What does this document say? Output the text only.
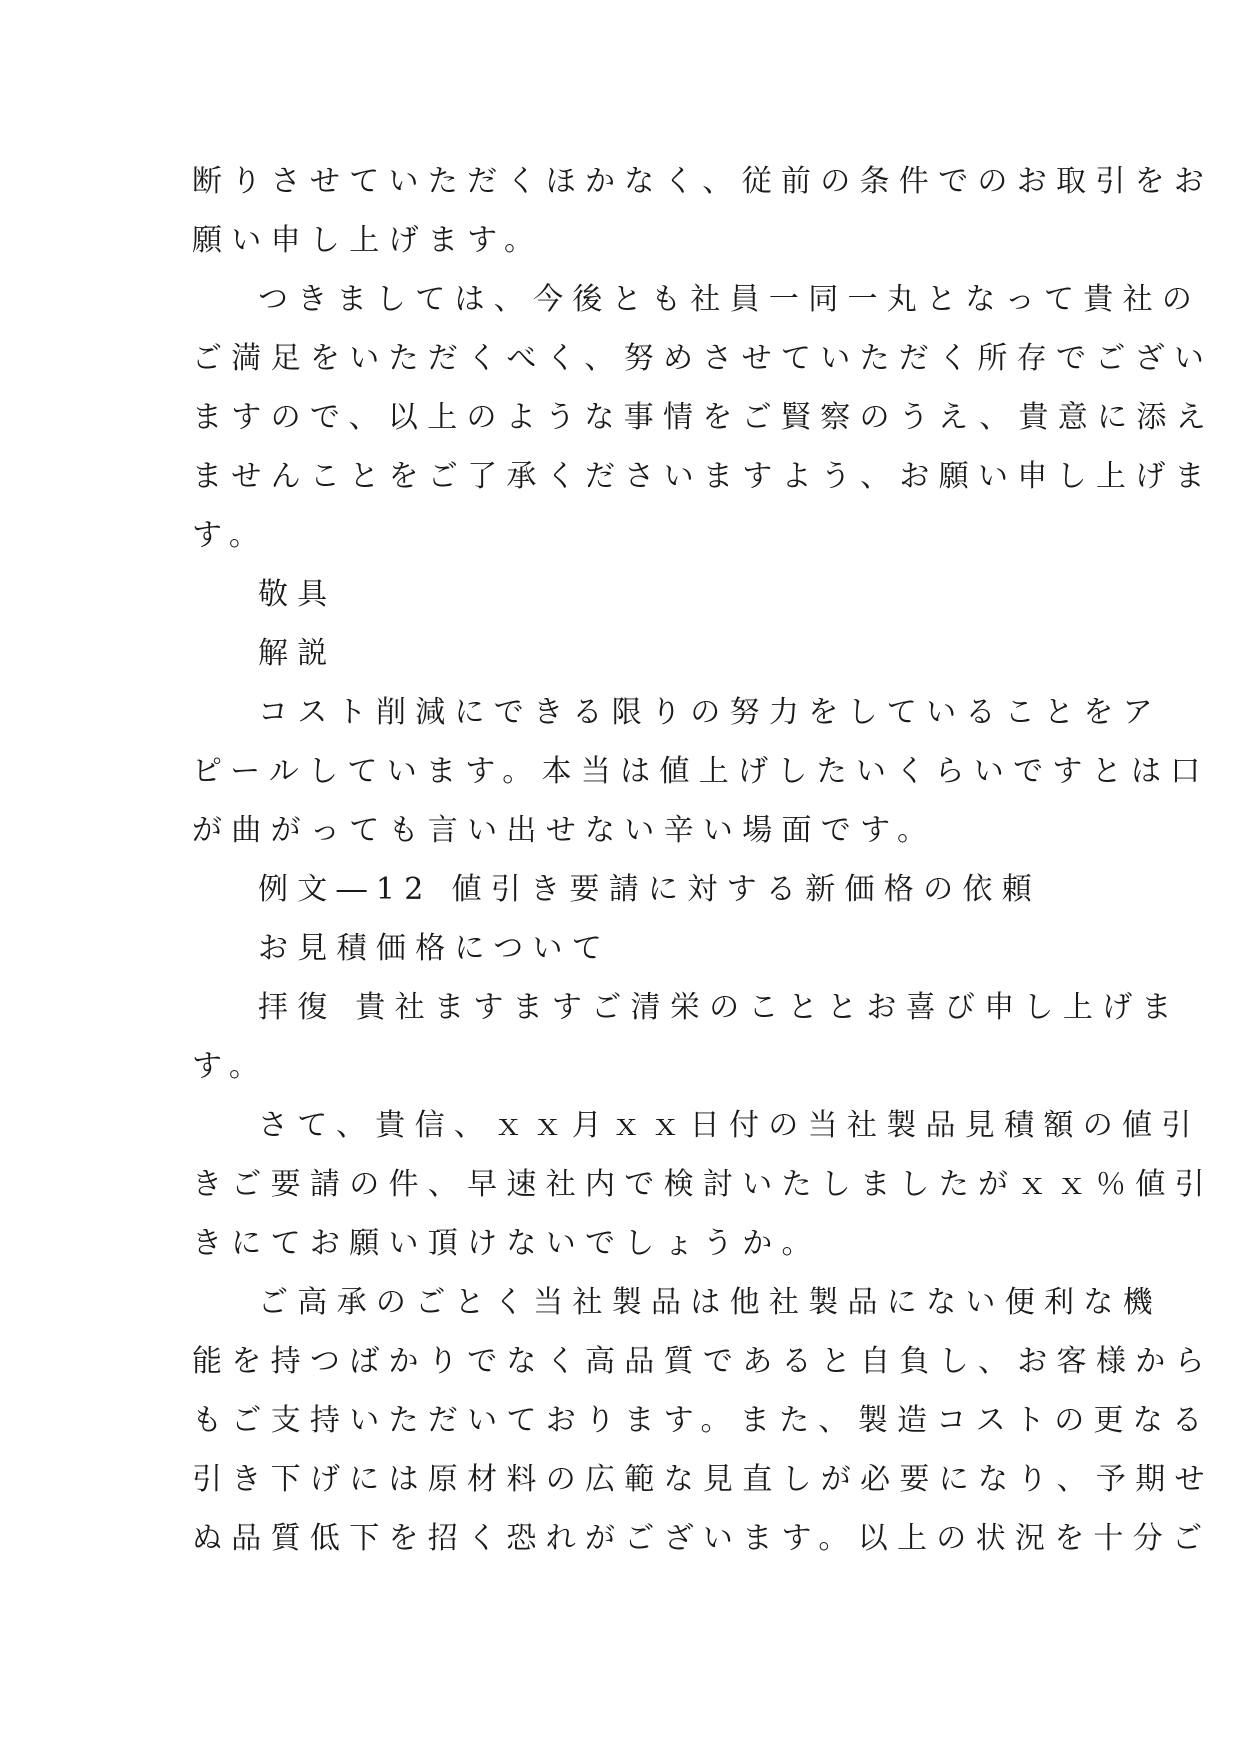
断りさせていただくほかなく、従前の条件でのお取引をお
願い申し上げます。
つきましては、今後とも社員一同一丸となって貴社の
ご満足をいただくべく、努めさせていただく所存でござい
ますので、以上のような事情をご賢察のうえ、貴意に添え
ませんことをご了承くださいますよう、お願い申し上げま
す。
敬具
解説
コスト削減にできる限りの努力をしていることをア
ピールしています。本当は値上げしたいくらいですとは口
が曲がっても言い出せない辛い場面です。
例文―12 値引き要請に対する新価格の依頼
お見積価格について
拝復 貴社ますますご清栄のこととお喜び申し上げま
す。
さて、貴信、ｘｘ月ｘｘ日付の当社製品見積額の値引
きご要請の件、早速社内で検討いたしましたがｘｘ％値引
きにてお願い頂けないでしょうか。
ご高承のごとく当社製品は他社製品にない便利な機
能を持つばかりでなく高品質であると自負し、お客様から
もご支持いただいております。また、製造コストの更なる
引き下げには原材料の広範な見直しが必要になり、予期せ
ぬ品質低下を招く恐れがございます。以上の状況を十分ご
